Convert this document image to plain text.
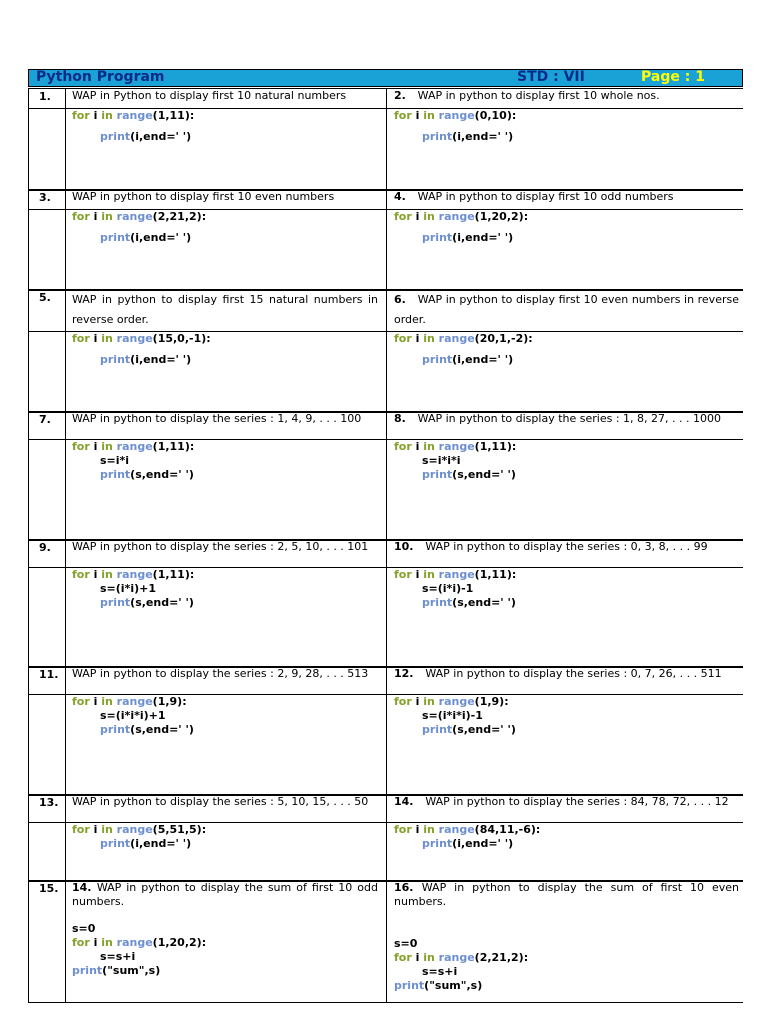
Python Program	STD : VII	Page : 1
1. WAP in Python to display first 10 natural numbers
for i in range(1,11):
print(i,end=' ')
2. WAP in python to display first 10 whole nos.
for i in range(0,10):
print(i,end=' ')
3. WAP in python to display first 10 even numbers
for i in range(2,21,2):
print(i,end=' ')
4. WAP in python to display first 10 odd numbers
for i in range(1,20,2):
print(i,end=' ')
5. WAP in python to display first 15 natural numbers in reverse order.
for i in range(15,0,-1):
print(i,end=' ')
6. WAP in python to display first 10 even numbers in reverse order.
for i in range(20,1,-2):
print(i,end=' ')
7. WAP in python to display the series : 1, 4, 9, . . . 100
for i in range(1,11):
s=i*i
print(s,end=' ')
8. WAP in python to display the series : 1, 8, 27, . . . 1000
for i in range(1,11):
s=i*i*i
print(s,end=' ')
9. WAP in python to display the series : 2, 5, 10, . . . 101
for i in range(1,11):
s=(i*i)+1
print(s,end=' ')
10. WAP in python to display the series : 0, 3, 8, . . . 99
for i in range(1,11):
s=(i*i)-1
print(s,end=' ')
11. WAP in python to display the series : 2, 9, 28, . . . 513
for i in range(1,9):
s=(i*i*i)+1
print(s,end=' ')
12. WAP in python to display the series : 0, 7, 26, . . . 511
for i in range(1,9):
s=(i*i*i)-1
print(s,end=' ')
13. WAP in python to display the series : 5, 10, 15, . . . 50
for i in range(5,51,5):
print(i,end=' ')
14. WAP in python to display the series : 84, 78, 72, . . . 12
for i in range(84,11,-6):
print(i,end=' ')
15. 14. WAP in python to display the sum of first 10 odd numbers.
s=0
for i in range(1,20,2):
s=s+i
print("sum",s)
16. WAP in python to display the sum of first 10 even numbers.
s=0
for i in range(2,21,2):
s=s+i
print("sum",s)
